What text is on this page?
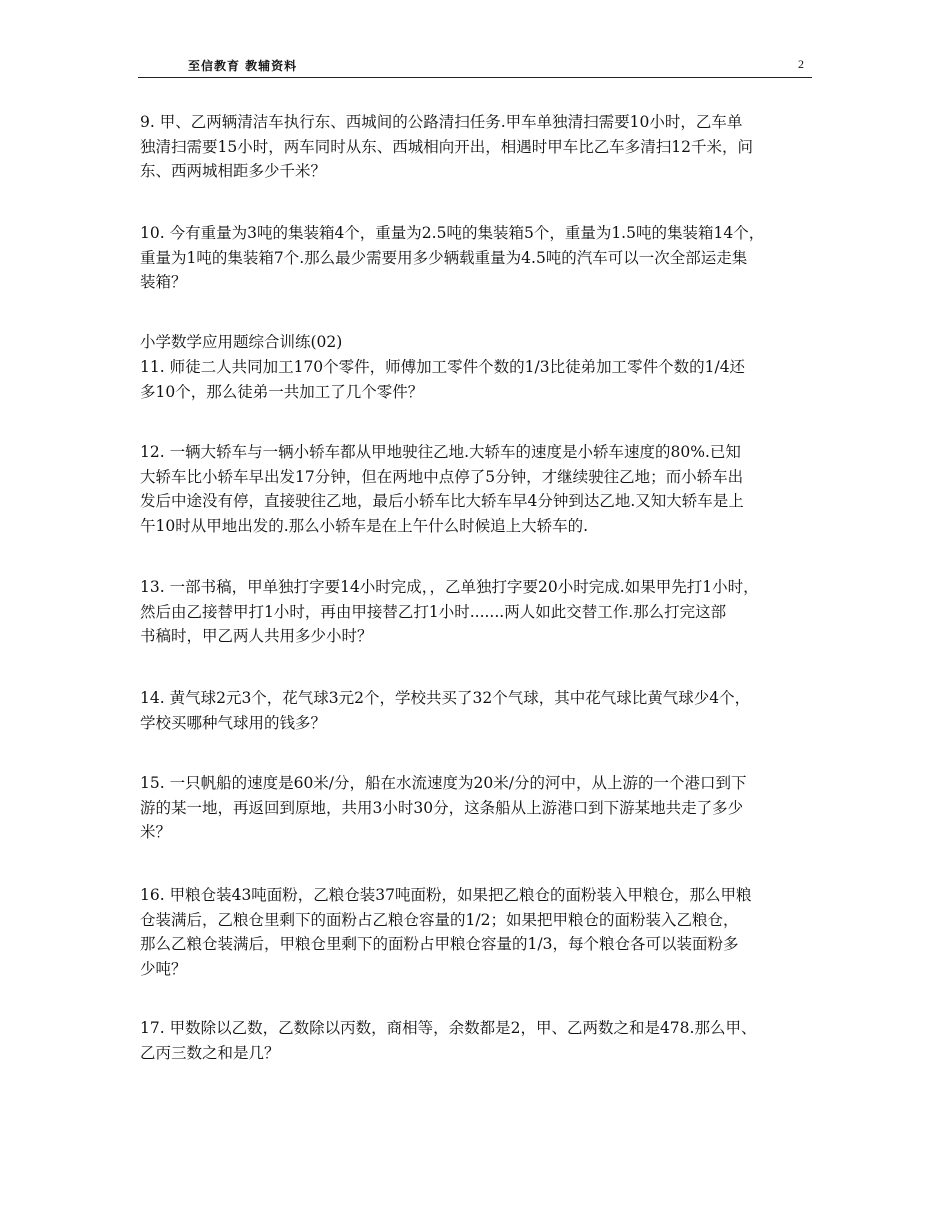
至信教育 教辅资料	2
9. 甲、乙两辆清洁车执行东、西城间的公路清扫任务.甲车单独清扫需要10小时，乙车单
独清扫需要15小时，两车同时从东、西城相向开出，相遇时甲车比乙车多清扫12千米，问
东、西两城相距多少千米？
10. 今有重量为3吨的集装箱4个，重量为2.5吨的集装箱5个，重量为1.5吨的集装箱14个，
重量为1吨的集装箱7个.那么最少需要用多少辆载重量为4.5吨的汽车可以一次全部运走集
装箱？
小学数学应用题综合训练(02)
11. 师徒二人共同加工170个零件，师傅加工零件个数的1/3比徒弟加工零件个数的1/4还
多10个，那么徒弟一共加工了几个零件？
12. 一辆大轿车与一辆小轿车都从甲地驶往乙地.大轿车的速度是小轿车速度的80%.已知
大轿车比小轿车早出发17分钟，但在两地中点停了5分钟，才继续驶往乙地；而小轿车出
发后中途没有停，直接驶往乙地，最后小轿车比大轿车早4分钟到达乙地.又知大轿车是上
午10时从甲地出发的.那么小轿车是在上午什么时候追上大轿车的.
13. 一部书稿，甲单独打字要14小时完成，，乙单独打字要20小时完成.如果甲先打1小时，
然后由乙接替甲打1小时，再由甲接替乙打1小时.......两人如此交替工作.那么打完这部
书稿时，甲乙两人共用多少小时？
14. 黄气球2元3个，花气球3元2个，学校共买了32个气球，其中花气球比黄气球少4个，
学校买哪种气球用的钱多？
15. 一只帆船的速度是60米/分，船在水流速度为20米/分的河中，从上游的一个港口到下
游的某一地，再返回到原地，共用3小时30分，这条船从上游港口到下游某地共走了多少
米？
16. 甲粮仓装43吨面粉，乙粮仓装37吨面粉，如果把乙粮仓的面粉装入甲粮仓，那么甲粮
仓装满后，乙粮仓里剩下的面粉占乙粮仓容量的1/2；如果把甲粮仓的面粉装入乙粮仓，
那么乙粮仓装满后，甲粮仓里剩下的面粉占甲粮仓容量的1/3，每个粮仓各可以装面粉多
少吨？
17. 甲数除以乙数，乙数除以丙数，商相等，余数都是2，甲、乙两数之和是478.那么甲、
乙丙三数之和是几？
